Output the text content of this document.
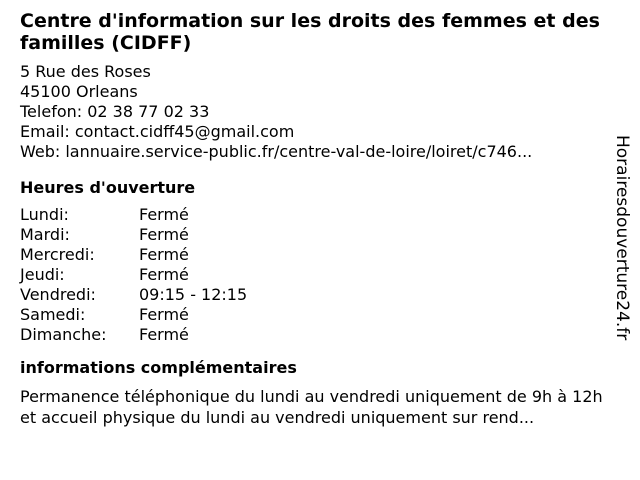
Centre d'information sur les droits des femmes et des familles (CIDFF)
5 Rue des Roses
45100 Orleans
Telefon: 02 38 77 02 33
Email: contact.cidff45@gmail.com
Web: lannuaire.service-public.fr/centre-val-de-loire/loiret/c746...
Heures d'ouverture
Lundi:	Fermé
Mardi:	Fermé
Mercredi:	Fermé
Jeudi:	Fermé
Vendredi:	09:15 - 12:15
Samedi:	Fermé
Dimanche:	Fermé
informations complémentaires
Permanence téléphonique du lundi au vendredi uniquement de 9h à 12h et accueil physique du lundi au vendredi uniquement sur rend...
Horairesdouverture24.fr
